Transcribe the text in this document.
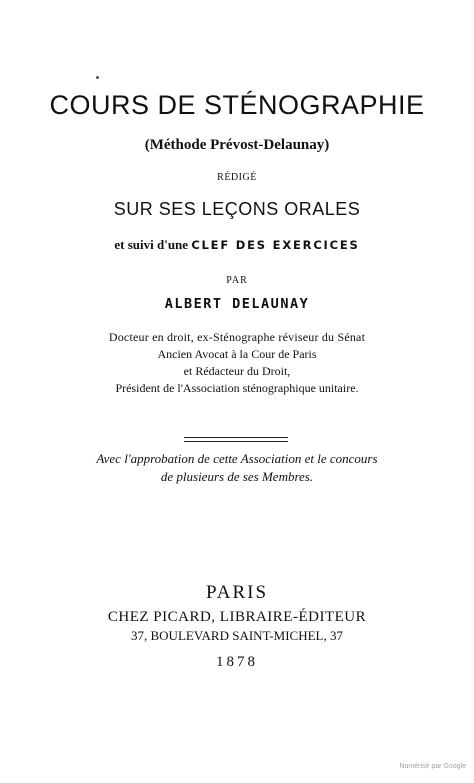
COURS DE STÉNOGRAPHIE
(Méthode Prévost-Delaunay)
RÉDIGÉ
SUR SES LEÇONS ORALES
et suivi d'une CLEF DES EXERCICES
PAR
ALBERT DELAUNAY
Docteur en droit, ex-Sténographe réviseur du Sénat
Ancien Avocat à la Cour de Paris
et Rédacteur du Droit,
Président de l'Association sténographique unitaire.
Avec l'approbation de cette Association et le concours
de plusieurs de ses Membres.
PARIS
CHEZ PICARD, LIBRAIRE-ÉDITEUR
37, BOULEVARD SAINT-MICHEL, 37
1878
Numérisé par Google
